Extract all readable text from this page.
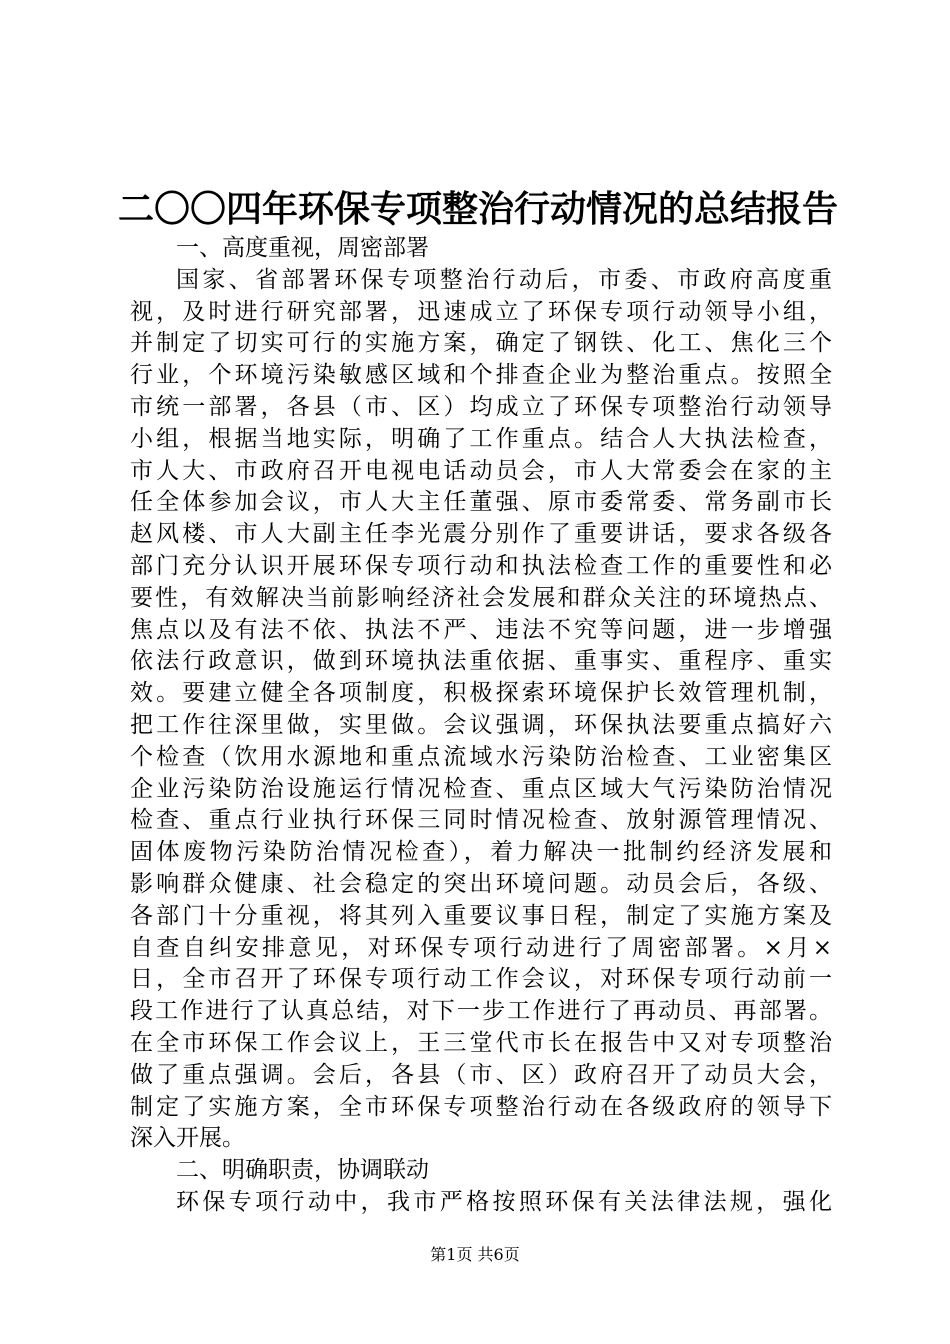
二〇〇四年环保专项整治行动情况的总结报告
一、高度重视，周密部署
国家、省部署环保专项整治行动后，市委、市政府高度重
视，及时进行研究部署，迅速成立了环保专项行动领导小组，
并制定了切实可行的实施方案，确定了钢铁、化工、焦化三个
行业，个环境污染敏感区域和个排查企业为整治重点。按照全
市统一部署，各县（市、区）均成立了环保专项整治行动领导
小组，根据当地实际，明确了工作重点。结合人大执法检查，
市人大、市政府召开电视电话动员会，市人大常委会在家的主
任全体参加会议，市人大主任董强、原市委常委、常务副市长
赵风楼、市人大副主任李光震分别作了重要讲话，要求各级各
部门充分认识开展环保专项行动和执法检查工作的重要性和必
要性，有效解决当前影响经济社会发展和群众关注的环境热点、
焦点以及有法不依、执法不严、违法不究等问题，进一步增强
依法行政意识，做到环境执法重依据、重事实、重程序、重实
效。要建立健全各项制度，积极探索环境保护长效管理机制，
把工作往深里做，实里做。会议强调，环保执法要重点搞好六
个检查（饮用水源地和重点流域水污染防治检查、工业密集区
企业污染防治设施运行情况检查、重点区域大气污染防治情况
检查、重点行业执行环保三同时情况检查、放射源管理情况、
固体废物污染防治情况检查），着力解决一批制约经济发展和
影响群众健康、社会稳定的突出环境问题。动员会后，各级、
各部门十分重视，将其列入重要议事日程，制定了实施方案及
自查自纠安排意见，对环保专项行动进行了周密部署。×月×
日，全市召开了环保专项行动工作会议，对环保专项行动前一
段工作进行了认真总结，对下一步工作进行了再动员、再部署。
在全市环保工作会议上，王三堂代市长在报告中又对专项整治
做了重点强调。会后，各县（市、区）政府召开了动员大会，
制定了实施方案，全市环保专项整治行动在各级政府的领导下
深入开展。
二、明确职责，协调联动
环保专项行动中，我市严格按照环保有关法律法规，强化
第1页 共6页
